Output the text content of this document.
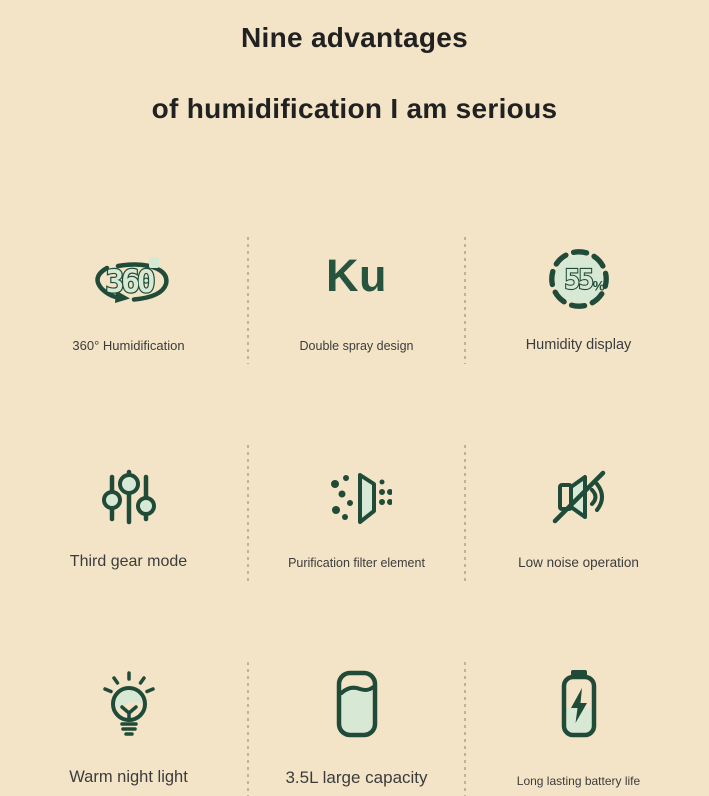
Nine advantages
of humidification I am serious
360
360° Humidification
Ku
Double spray design
55 %
Humidity display
Third gear mode	Purification filter element	Low noise operation
Warm night light	3.5L large capacity	Long lasting battery life
